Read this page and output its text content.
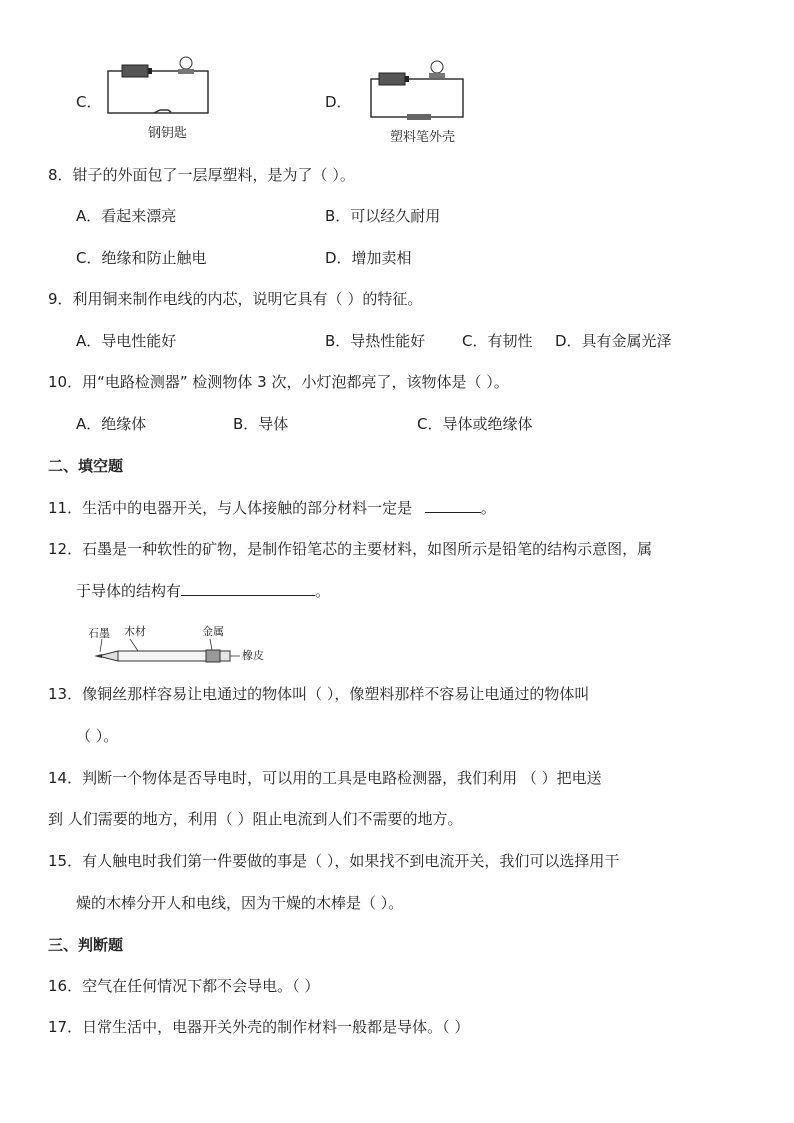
C．
钢钥匙
D．
塑料笔外壳
8．钳子的外面包了一层厚塑料，是为了（ ）。
A．看起来漂亮	B．可以经久耐用
C．绝缘和防止触电	D．增加卖相
9．利用铜来制作电线的内芯，说明它具有（ ）的特征。
A．导电性能好	B．导热性能好 C．有韧性 D．具有金属光泽
10．用“电路检测器” 检测物体 3 次，小灯泡都亮了，该物体是（ ）。
A．绝缘体	B．导体	C．导体或绝缘体
二、填空题
11．生活中的电器开关，与人体接触的部分材料一定是	。
12．石墨是一种软性的矿物，是制作铅笔芯的主要材料，如图所示是铅笔的结构示意图，属
于导体的结构有	。
石墨 木材	金属
橡皮
13．像铜丝那样容易让电通过的物体叫（ ），像塑料那样不容易让电通过的物体叫
（ ）。
14．判断一个物体是否导电时，可以用的工具是电路检测器，我们利用 （ ）把电送
到 人们需要的地方，利用（ ）阻止电流到人们不需要的地方。
15．有人触电时我们第一件要做的事是（ ），如果找不到电流开关，我们可以选择用干
燥的木棒分开人和电线，因为干燥的木棒是（ ）。
三、判断题
16．空气在任何情况下都不会导电。（ ）
17．日常生活中，电器开关外壳的制作材料一般都是导体。（ ）
